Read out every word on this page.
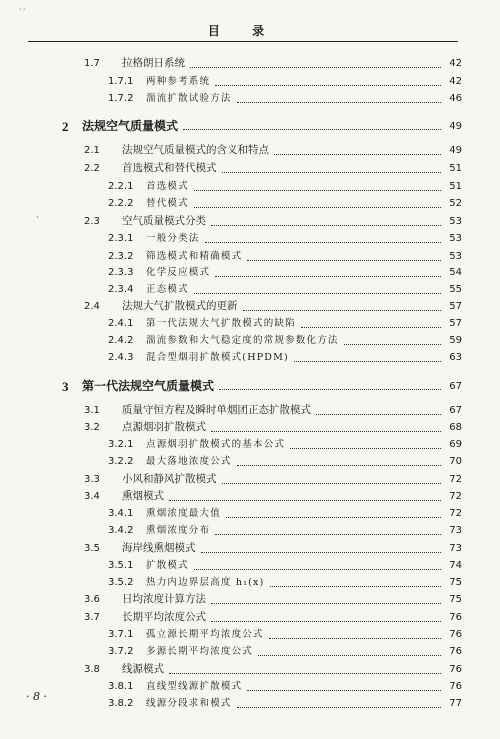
ˊˊ
目 录
ˏ
1.7	拉格朗日系统	42
1.7.1	两种参考系统	42
1.7.2	湍流扩散试验方法	46
2	法规空气质量模式	49
2.1	法规空气质量模式的含义和特点	49
2.2	首选模式和替代模式	51
2.2.1	首选模式	51
2.2.2	替代模式	52
2.3	空气质量模式分类	53
2.3.1	一般分类法	53
2.3.2	筛选模式和精确模式	53
2.3.3	化学反应模式	54
2.3.4	正态模式	55
2.4	法规大气扩散模式的更新	57
2.4.1	第一代法规大气扩散模式的缺陷	57
2.4.2	湍流参数和大气稳定度的常规参数化方法	59
2.4.3	混合型烟羽扩散模式(HPDM)	63
3	第一代法规空气质量模式	67
3.1	质量守恒方程及瞬时单烟团正态扩散模式	67
3.2	点源烟羽扩散模式	68
3.2.1	点源烟羽扩散模式的基本公式	69
3.2.2	最大落地浓度公式	70
3.3	小风和静风扩散模式	72
3.4	熏烟模式	72
3.4.1	熏烟浓度最大值	72
3.4.2	熏烟浓度分布	73
3.5	海岸线熏烟模式	73
3.5.1	扩散模式	74
3.5.2	热力内边界层高度 h₁(x)	75
3.6	日均浓度计算方法	75
3.7	长期平均浓度公式	76
3.7.1	孤立源长期平均浓度公式	76
3.7.2	多源长期平均浓度公式	76
3.8	线源模式	76
3.8.1	直线型线源扩散模式	76
3.8.2	线源分段求和模式	77
· 8 ·
